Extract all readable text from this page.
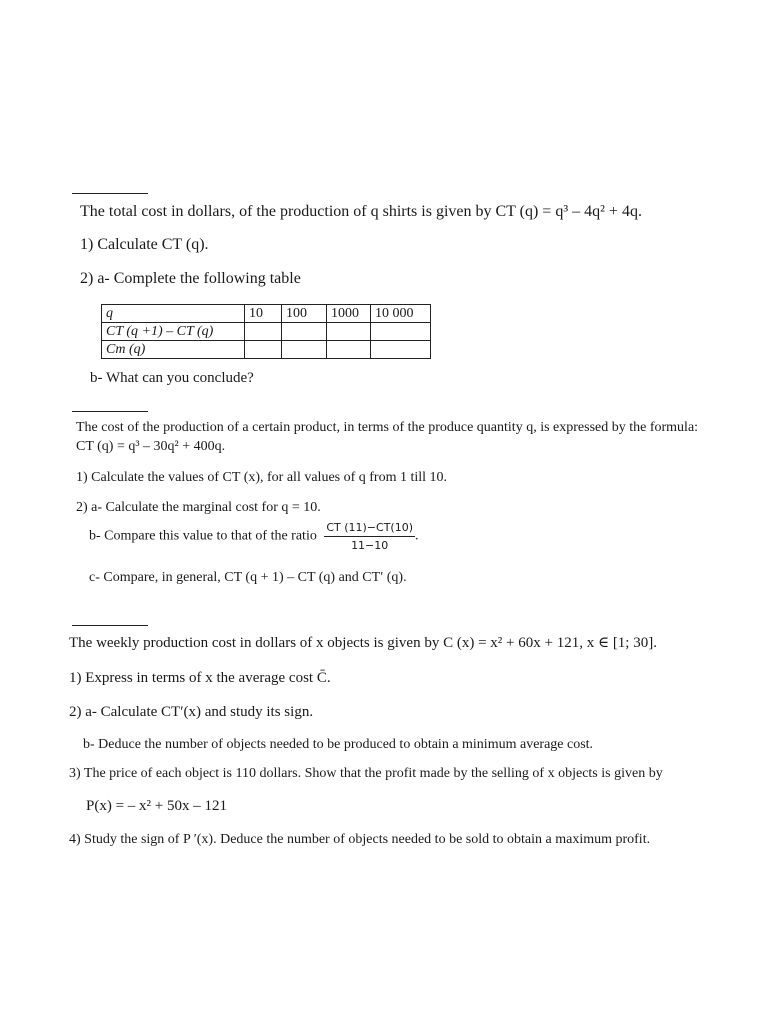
The total cost in dollars, of the production of q shirts is given by CT (q) = q³ – 4q² + 4q.
1) Calculate CT (q).
2) a- Complete the following table
q	10	100	1000	10 000
CT (q +1) – CT (q)				
Cm (q)				
b- What can you conclude?
The cost of the production of a certain product, in terms of the produce quantity q, is expressed by the formula:
CT (q) = q³ – 30q² + 400q.
1) Calculate the values of CT (x), for all values of q from 1 till 10.
2) a- Calculate the marginal cost for q = 10.
b- Compare this value to that of the ratio $\frac{CT (11)-CT(10)}{11-10}$ .
c- Compare, in general, CT (q + 1) – CT (q) and CT′ (q).
The weekly production cost in dollars of x objects is given by C (x) = x² + 60x + 121, x ∈ [1; 30].
1) Express in terms of x the average cost C̄.
2) a- Calculate CT′(x) and study its sign.
b- Deduce the number of objects needed to be produced to obtain a minimum average cost.
3) The price of each object is 110 dollars. Show that the profit made by the selling of x objects is given by
P(x) = – x² + 50x – 121
4) Study the sign of P ′(x). Deduce the number of objects needed to be sold to obtain a maximum profit.
